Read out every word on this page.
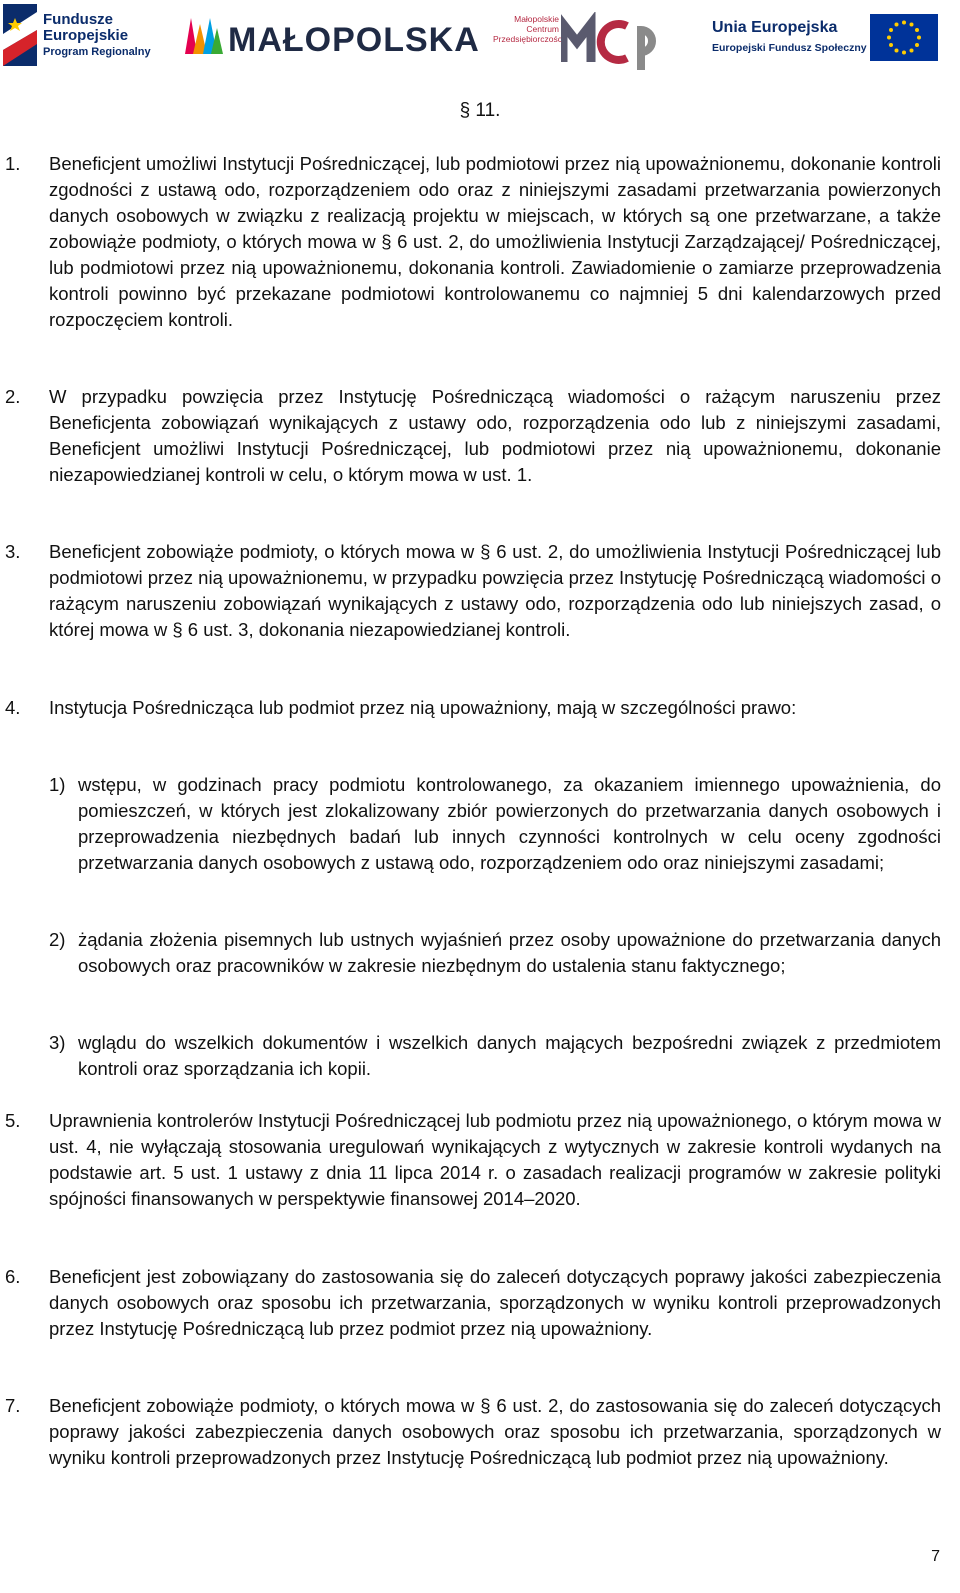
Fundusze
Europejskie
Program Regionalny MAŁOPOLSKA
Małopolskie
Centrum
Przedsiębiorczości
Unia Europejska
Europejski Fundusz Społeczny
§ 11.
1. Beneficjent umożliwi Instytucji Pośredniczącej, lub podmiotowi przez nią upoważnionemu, dokonanie kontroli zgodności z ustawą odo, rozporządzeniem odo oraz z niniejszymi zasadami przetwarzania powierzonych danych osobowych w związku z realizacją projektu w miejscach, w których są one przetwarzane, a także zobowiąże podmioty, o których mowa w § 6 ust. 2, do umożliwienia Instytucji Zarządzającej/ Pośredniczącej, lub podmiotowi przez nią upoważnionemu, dokonania kontroli. Zawiadomienie o zamiarze przeprowadzenia kontroli powinno być przekazane podmiotowi kontrolowanemu co najmniej 5 dni kalendarzowych przed rozpoczęciem kontroli.
2. W przypadku powzięcia przez Instytucję Pośredniczącą wiadomości o rażącym naruszeniu przez Beneficjenta zobowiązań wynikających z ustawy odo, rozporządzenia odo lub z niniejszymi zasadami, Beneficjent umożliwi Instytucji Pośredniczącej, lub podmiotowi przez nią upoważnionemu, dokonanie niezapowiedzianej kontroli w celu, o którym mowa w ust. 1.
3. Beneficjent zobowiąże podmioty, o których mowa w § 6 ust. 2, do umożliwienia Instytucji Pośredniczącej lub podmiotowi przez nią upoważnionemu, w przypadku powzięcia przez Instytucję Pośredniczącą wiadomości o rażącym naruszeniu zobowiązań wynikających z ustawy odo, rozporządzenia odo lub niniejszych zasad, o której mowa w § 6 ust. 3, dokonania niezapowiedzianej kontroli.
4. Instytucja Pośrednicząca lub podmiot przez nią upoważniony, mają w szczególności prawo:
1) wstępu, w godzinach pracy podmiotu kontrolowanego, za okazaniem imiennego upoważnienia, do pomieszczeń, w których jest zlokalizowany zbiór powierzonych do przetwarzania danych osobowych i przeprowadzenia niezbędnych badań lub innych czynności kontrolnych w celu oceny zgodności przetwarzania danych osobowych z ustawą odo, rozporządzeniem odo oraz niniejszymi zasadami;
2) żądania złożenia pisemnych lub ustnych wyjaśnień przez osoby upoważnione do przetwarzania danych osobowych oraz pracowników w zakresie niezbędnym do ustalenia stanu faktycznego;
3) wglądu do wszelkich dokumentów i wszelkich danych mających bezpośredni związek z przedmiotem kontroli oraz sporządzania ich kopii.
5. Uprawnienia kontrolerów Instytucji Pośredniczącej lub podmiotu przez nią upoważnionego, o którym mowa w ust. 4, nie wyłączają stosowania uregulowań wynikających z wytycznych w zakresie kontroli wydanych na podstawie art. 5 ust. 1 ustawy z dnia 11 lipca 2014 r. o zasadach realizacji programów w zakresie polityki spójności finansowanych w perspektywie finansowej 2014–2020.
6. Beneficjent jest zobowiązany do zastosowania się do zaleceń dotyczących poprawy jakości zabezpieczenia danych osobowych oraz sposobu ich przetwarzania, sporządzonych w wyniku kontroli przeprowadzonych przez Instytucję Pośredniczącą lub przez podmiot przez nią upoważniony.
7. Beneficjent zobowiąże podmioty, o których mowa w § 6 ust. 2, do zastosowania się do zaleceń dotyczących poprawy jakości zabezpieczenia danych osobowych oraz sposobu ich przetwarzania, sporządzonych w wyniku kontroli przeprowadzonych przez Instytucję Pośredniczącą lub podmiot przez nią upoważniony.
7
